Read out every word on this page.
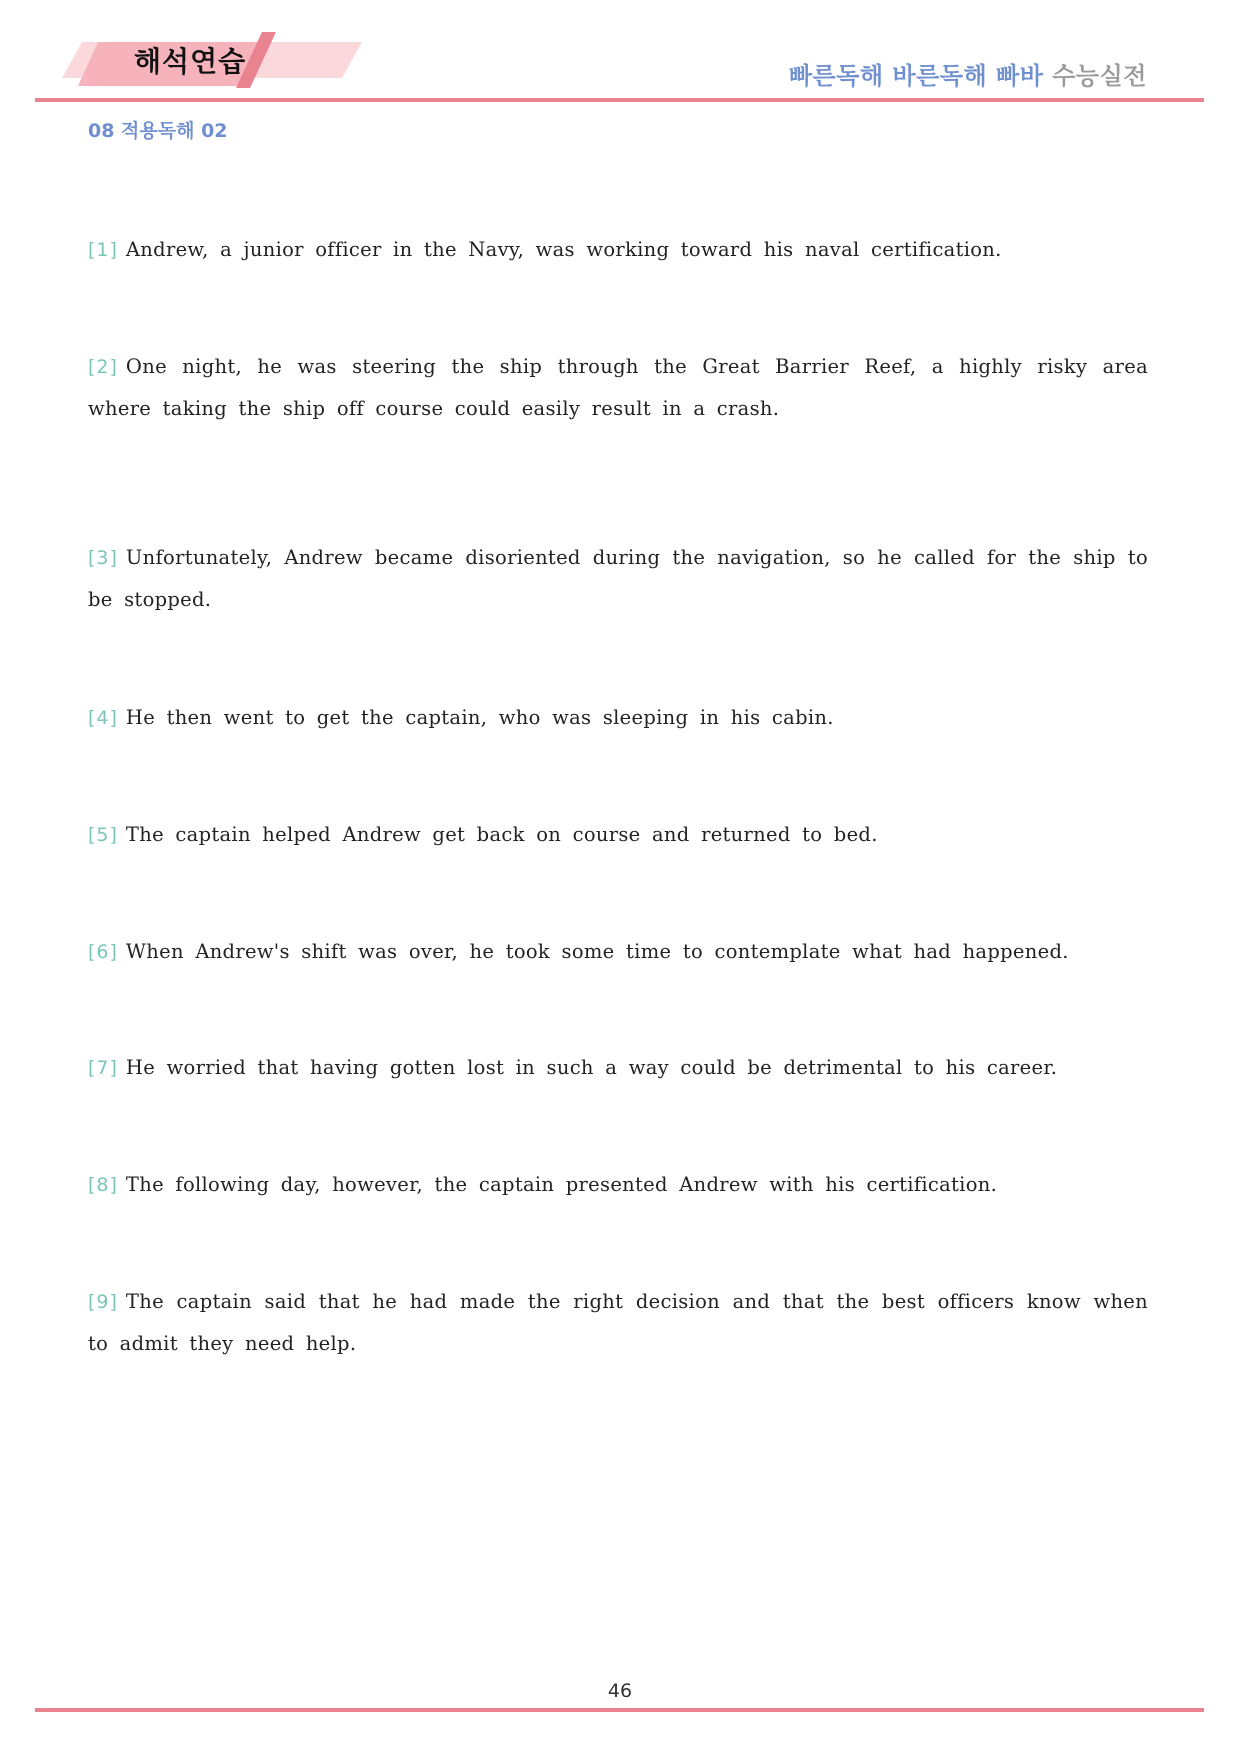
해석연습	빠른독해 바른독해 빠바 수능실전
08 적용독해 02
[1] Andrew, a junior officer in the Navy, was working toward his naval certification.
[2] One night, he was steering the ship through the Great Barrier Reef, a highly risky area where taking the ship off course could easily result in a crash.
[3] Unfortunately, Andrew became disoriented during the navigation, so he called for the ship to be stopped.
[4] He then went to get the captain, who was sleeping in his cabin.
[5] The captain helped Andrew get back on course and returned to bed.
[6] When Andrew's shift was over, he took some time to contemplate what had happened.
[7] He worried that having gotten lost in such a way could be detrimental to his career.
[8] The following day, however, the captain presented Andrew with his certification.
[9] The captain said that he had made the right decision and that the best officers know when to admit they need help.
46
